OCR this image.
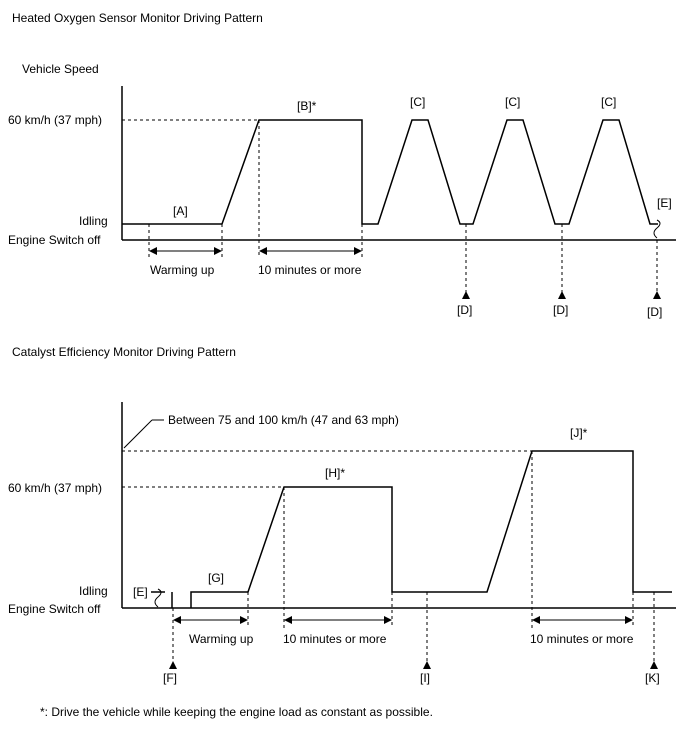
Heated Oxygen Sensor Monitor Driving Pattern
Vehicle Speed
60 km/h (37 mph)
Idling
Engine Switch off
[A]
[B]*	[C]	[C]	[C]
[E]
[D]	[D]	[D]
Warming up	10 minutes or more
Catalyst Efficiency Monitor Driving Pattern
Between 75 and 100 km/h (47 and 63 mph)
60 km/h (37 mph)
Idling
Engine Switch off
[E]
[G]
[H]*
[J]*
[F]	[I]	[K]
Warming up 10 minutes or more	10 minutes or more
*: Drive the vehicle while keeping the engine load as constant as possible.
